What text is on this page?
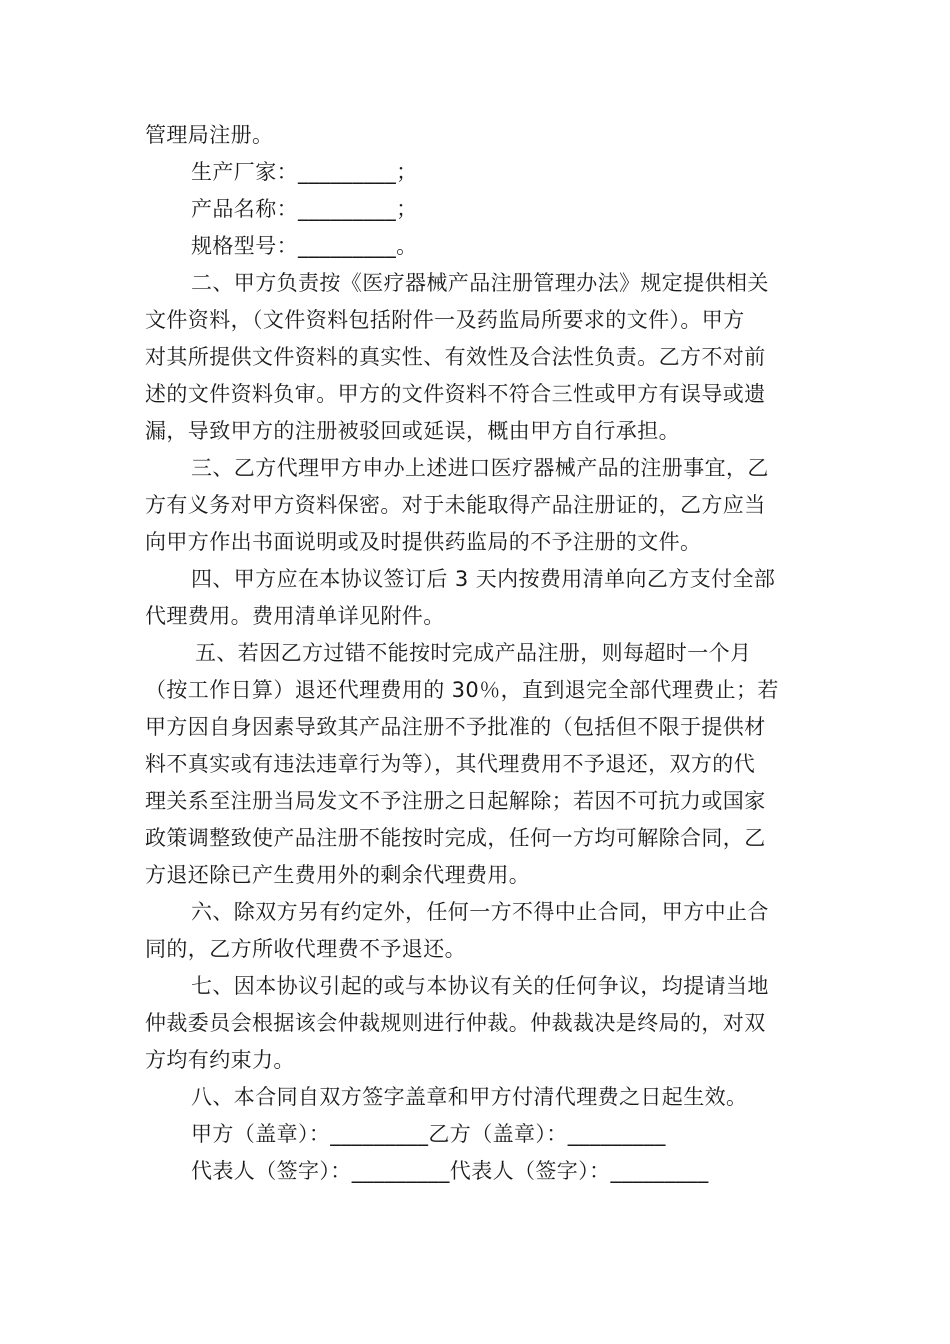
管理局注册。
生产厂家：_________；
产品名称：_________；
规格型号：_________。
二、甲方负责按《医疗器械产品注册管理办法》规定提供相关
文件资料，（文件资料包括附件一及药监局所要求的文件）。甲方
对其所提供文件资料的真实性、有效性及合法性负责。乙方不对前
述的文件资料负审。甲方的文件资料不符合三性或甲方有误导或遗
漏，导致甲方的注册被驳回或延误，概由甲方自行承担。
三、乙方代理甲方申办上述进口医疗器械产品的注册事宜，乙
方有义务对甲方资料保密。对于未能取得产品注册证的，乙方应当
向甲方作出书面说明或及时提供药监局的不予注册的文件。
四、甲方应在本协议签订后 3 天内按费用清单向乙方支付全部
代理费用。费用清单详见附件。
五、若因乙方过错不能按时完成产品注册，则每超时一个月
（按工作日算）退还代理费用的 30％，直到退完全部代理费止；若
甲方因自身因素导致其产品注册不予批准的（包括但不限于提供材
料不真实或有违法违章行为等），其代理费用不予退还，双方的代
理关系至注册当局发文不予注册之日起解除；若因不可抗力或国家
政策调整致使产品注册不能按时完成，任何一方均可解除合同，乙
方退还除已产生费用外的剩余代理费用。
六、除双方另有约定外，任何一方不得中止合同，甲方中止合
同的，乙方所收代理费不予退还。
七、因本协议引起的或与本协议有关的任何争议，均提请当地
仲裁委员会根据该会仲裁规则进行仲裁。仲裁裁决是终局的，对双
方均有约束力。
八、本合同自双方签字盖章和甲方付清代理费之日起生效。
甲方（盖章）：_________乙方（盖章）：_________
代表人（签字）：_________代表人（签字）：_________
